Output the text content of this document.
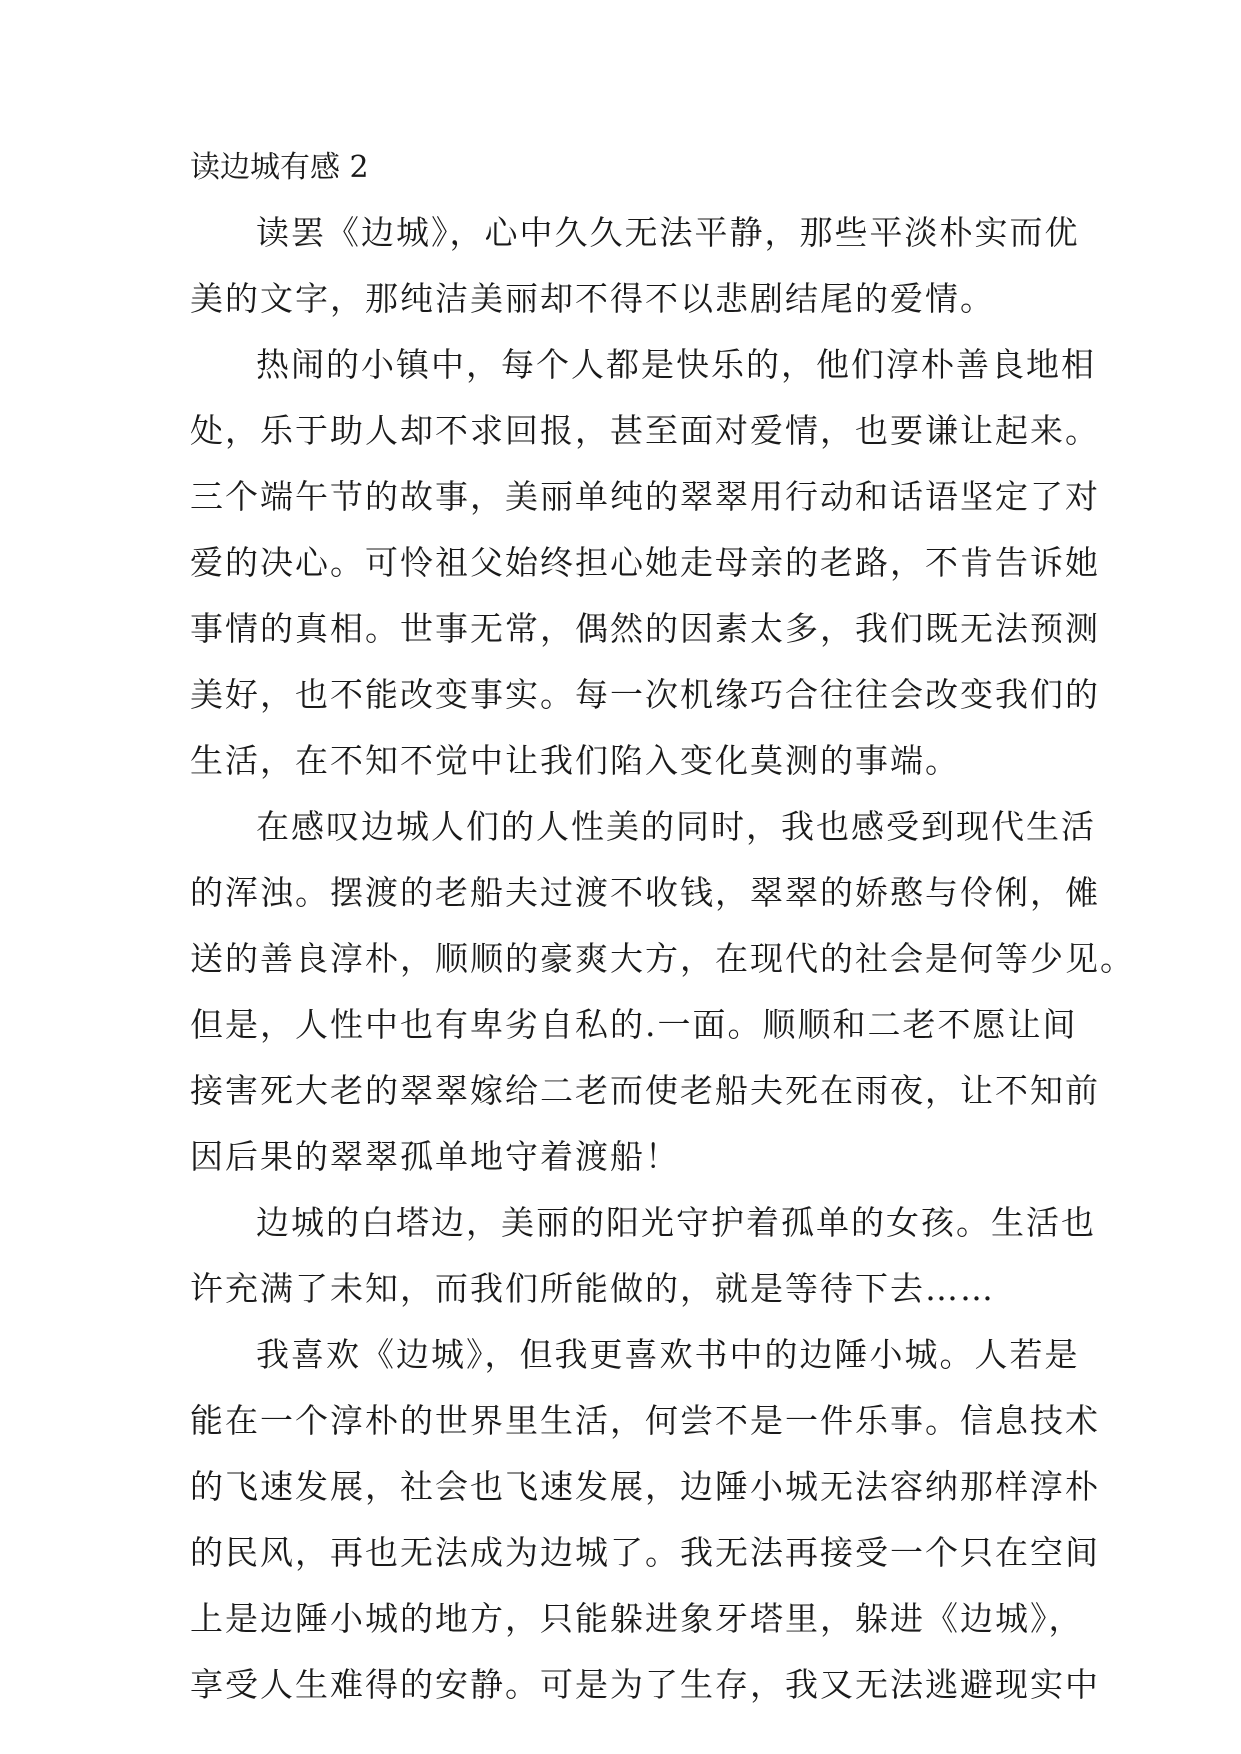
读边城有感 2
读罢《边城》，心中久久无法平静，那些平淡朴实而优
美的文字，那纯洁美丽却不得不以悲剧结尾的爱情。
热闹的小镇中，每个人都是快乐的，他们淳朴善良地相
处，乐于助人却不求回报，甚至面对爱情，也要谦让起来。
三个端午节的故事，美丽单纯的翠翠用行动和话语坚定了对
爱的决心。可怜祖父始终担心她走母亲的老路，不肯告诉她
事情的真相。世事无常，偶然的因素太多，我们既无法预测
美好，也不能改变事实。每一次机缘巧合往往会改变我们的
生活，在不知不觉中让我们陷入变化莫测的事端。
在感叹边城人们的人性美的同时，我也感受到现代生活
的浑浊。摆渡的老船夫过渡不收钱，翠翠的娇憨与伶俐，傩
送的善良淳朴，顺顺的豪爽大方，在现代的社会是何等少见。
但是，人性中也有卑劣自私的.一面。顺顺和二老不愿让间
接害死大老的翠翠嫁给二老而使老船夫死在雨夜，让不知前
因后果的翠翠孤单地守着渡船！
边城的白塔边，美丽的阳光守护着孤单的女孩。生活也
许充满了未知，而我们所能做的，就是等待下去……
我喜欢《边城》，但我更喜欢书中的边陲小城。人若是
能在一个淳朴的世界里生活，何尝不是一件乐事。信息技术
的飞速发展，社会也飞速发展，边陲小城无法容纳那样淳朴
的民风，再也无法成为边城了。我无法再接受一个只在空间
上是边陲小城的地方，只能躲进象牙塔里，躲进《边城》，
享受人生难得的安静。可是为了生存，我又无法逃避现实中
